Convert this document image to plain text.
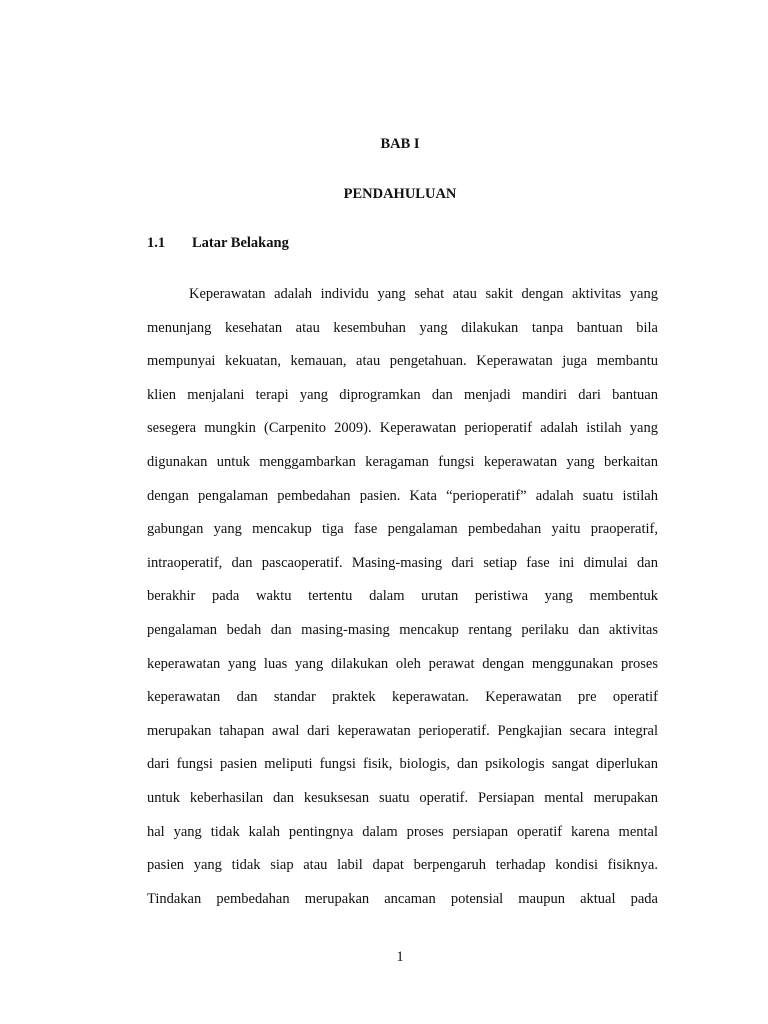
BAB I
PENDAHULUAN
1.1	Latar Belakang
Keperawatan adalah individu yang sehat atau sakit dengan aktivitas yang
menunjang kesehatan atau kesembuhan yang dilakukan tanpa bantuan bila
mempunyai kekuatan, kemauan, atau pengetahuan. Keperawatan juga membantu
klien menjalani terapi yang diprogramkan dan menjadi mandiri dari bantuan
sesegera mungkin (Carpenito 2009). Keperawatan perioperatif adalah istilah yang
digunakan untuk menggambarkan keragaman fungsi keperawatan yang berkaitan
dengan pengalaman pembedahan pasien. Kata “perioperatif” adalah suatu istilah
gabungan yang mencakup tiga fase pengalaman pembedahan yaitu praoperatif,
intraoperatif, dan pascaoperatif. Masing-masing dari setiap fase ini dimulai dan
berakhir pada waktu tertentu dalam urutan peristiwa yang membentuk
pengalaman bedah dan masing-masing mencakup rentang perilaku dan aktivitas
keperawatan yang luas yang dilakukan oleh perawat dengan menggunakan proses
keperawatan dan standar praktek keperawatan. Keperawatan pre operatif
merupakan tahapan awal dari keperawatan perioperatif. Pengkajian secara integral
dari fungsi pasien meliputi fungsi fisik, biologis, dan psikologis sangat diperlukan
untuk keberhasilan dan kesuksesan suatu operatif. Persiapan mental merupakan
hal yang tidak kalah pentingnya dalam proses persiapan operatif karena mental
pasien yang tidak siap atau labil dapat berpengaruh terhadap kondisi fisiknya.
Tindakan pembedahan merupakan ancaman potensial maupun aktual pada
1
